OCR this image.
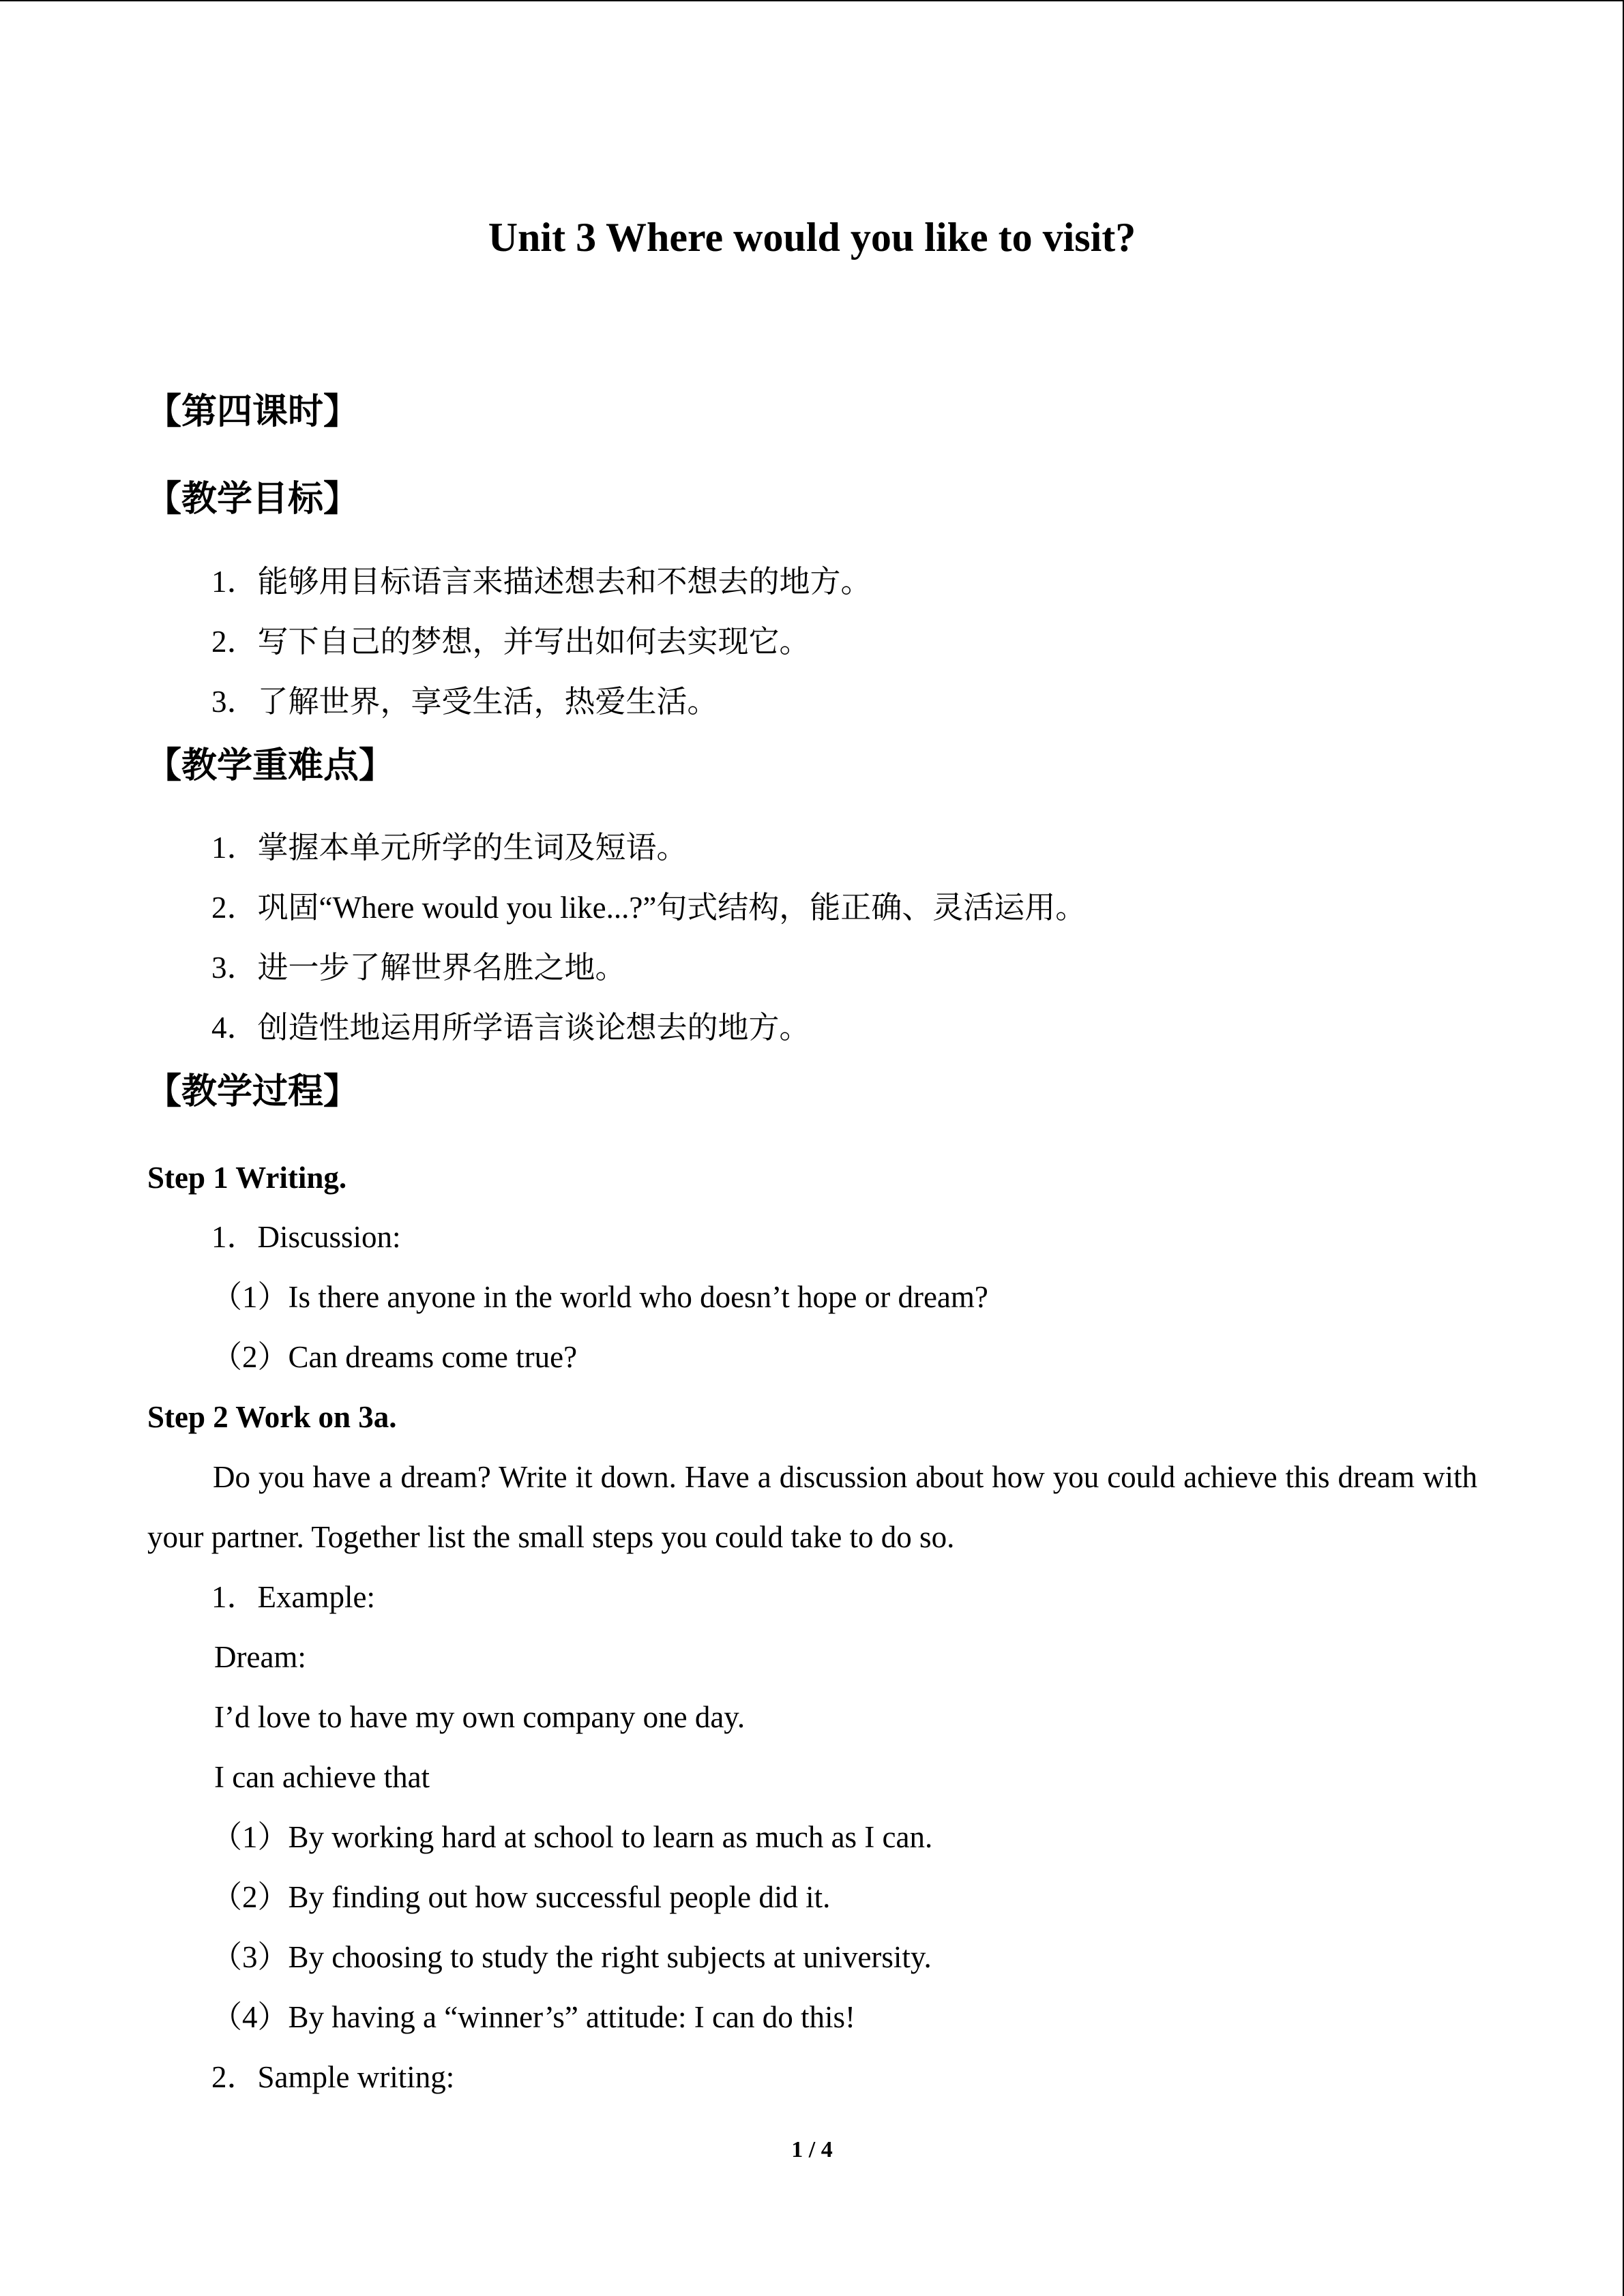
Unit 3 Where would you like to visit?
【第四课时】
【教学目标】
1．能够用目标语言来描述想去和不想去的地方。
2．写下自己的梦想，并写出如何去实现它。
3．了解世界，享受生活，热爱生活。
【教学重难点】
1．掌握本单元所学的生词及短语。
2．巩固“Where would you like...?”句式结构，能正确、灵活运用。
3．进一步了解世界名胜之地。
4．创造性地运用所学语言谈论想去的地方。
【教学过程】
Step 1 Writing.
1．Discussion:
（1）Is there anyone in the world who doesn’t hope or dream?
（2）Can dreams come true?
Step 2 Work on 3a.
Do you have a dream? Write it down. Have a discussion about how you could achieve this dream with your partner. Together list the small steps you could take to do so.
1．Example:
Dream:
I’d love to have my own company one day.
I can achieve that
（1）By working hard at school to learn as much as I can.
（2）By finding out how successful people did it.
（3）By choosing to study the right subjects at university.
（4）By having a “winner’s” attitude: I can do this!
2．Sample writing:
1 / 4
